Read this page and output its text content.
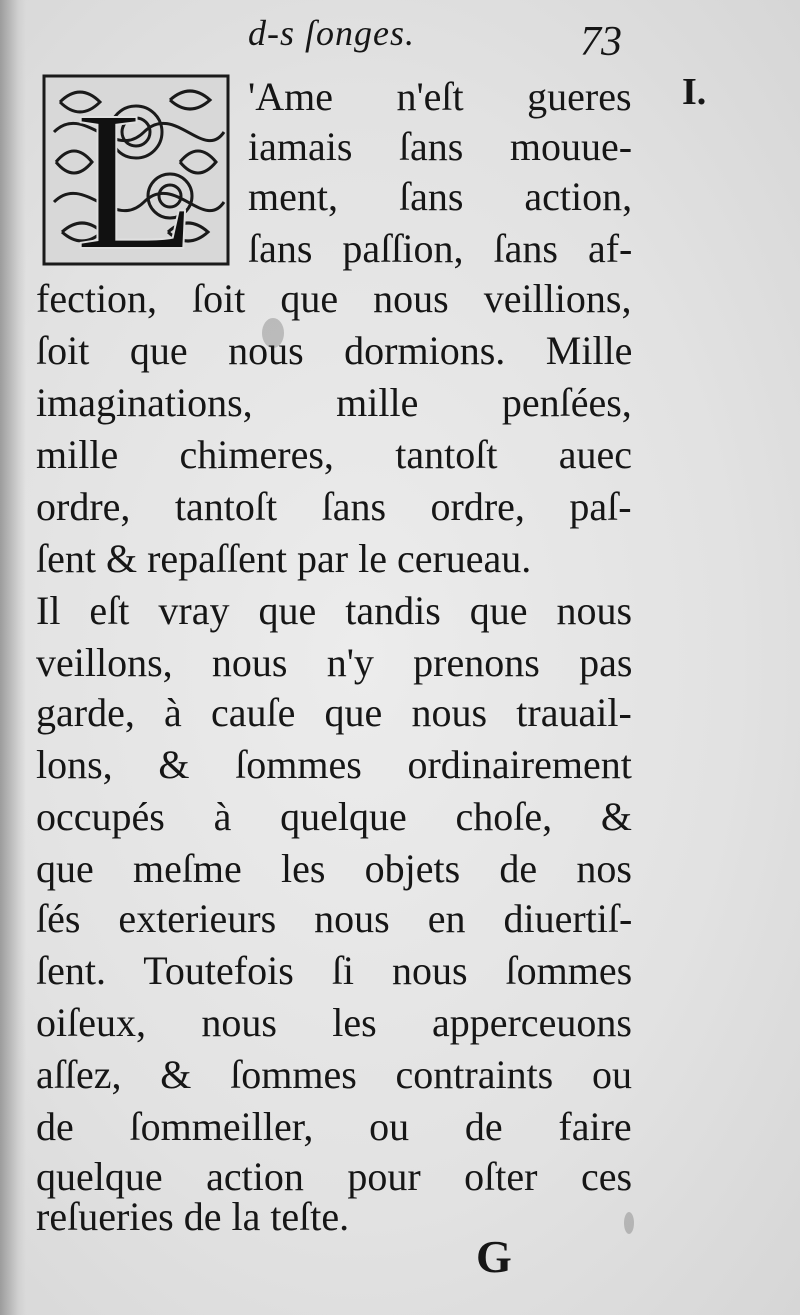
d-s ſonges.	73
I.
L 'Ame n'eſt gueres
iamais ſans mouue-
ment, ſans action,
ſans paſſion, ſans af-
fection, ſoit que nous veillions,
ſoit que nous dormions. Mille
imaginations, mille penſées,
mille chimeres, tantoſt auec
ordre, tantoſt ſans ordre, paſ-
ſent & repaſſent par le cerueau.
Il eſt vray que tandis que nous
veillons, nous n'y prenons pas
garde, à cauſe que nous trauail-
lons, & ſommes ordinairement
occupés à quelque choſe, &
que meſme les objets de nos
ſés exterieurs nous en diuertiſ-
ſent. Toutefois ſi nous ſommes
oiſeux, nous les apperceuons
aſſez, & ſommes contraints ou
de ſommeiller, ou de faire
quelque action pour oſter ces
reſueries de la teſte.
G
